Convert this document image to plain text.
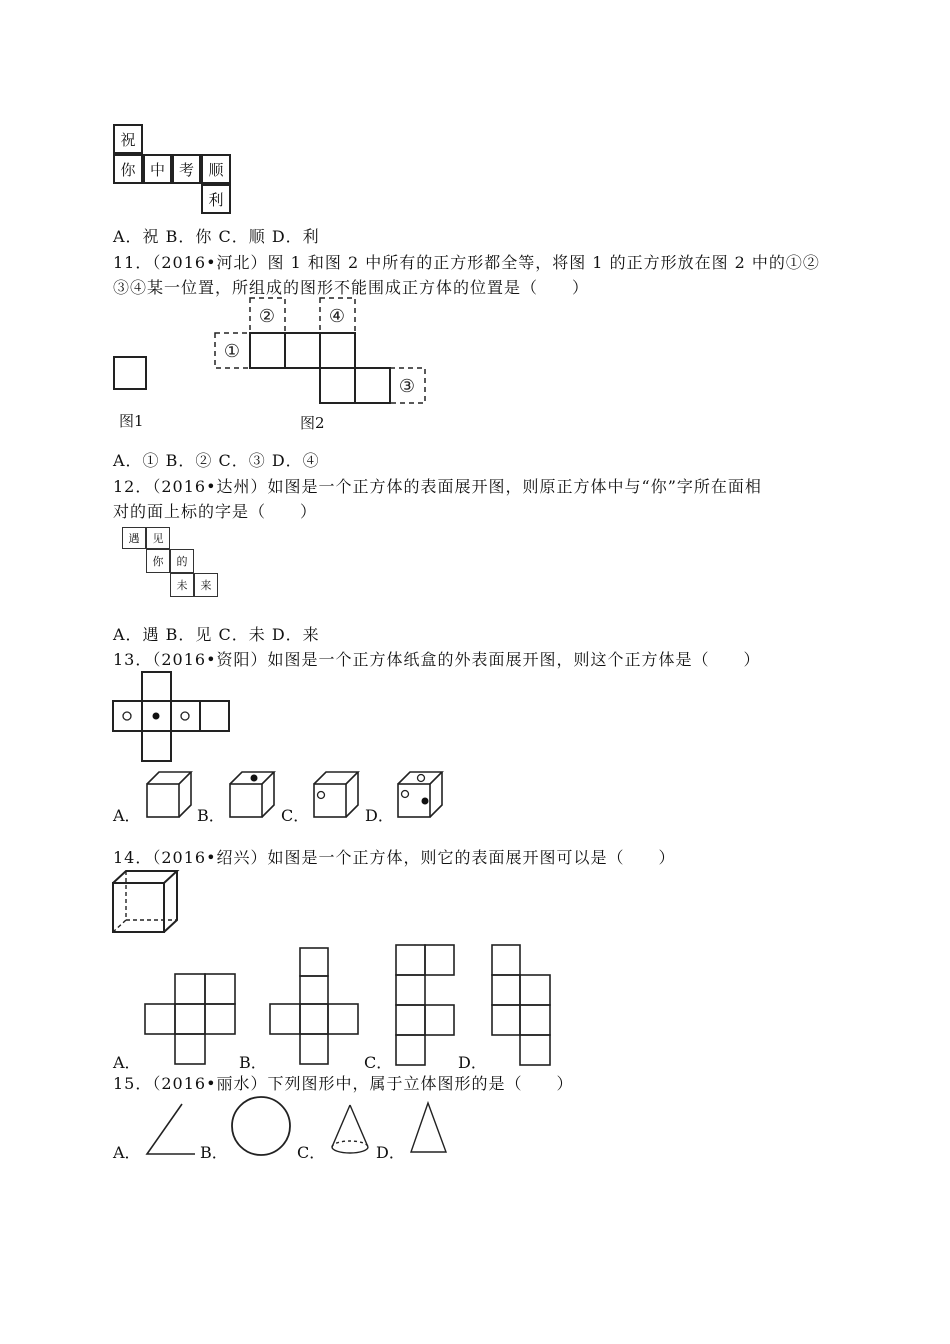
祝
你 中 考 顺
利
A．祝 B．你 C．顺 D．利
11．（2016•河北）图 1 和图 2 中所有的正方形都全等，将图 1 的正方形放在图 2 中的①②
③④某一位置，所组成的图形不能围成正方体的位置是（　　）
图1
①
②
③
④
图2
A．① B．② C．③ D．④
12．（2016•达州）如图是一个正方体的表面展开图，则原正方体中与“你”字所在面相
对的面上标的字是（　　）
遇	见
你	的
未	来
A．遇 B．见 C．未 D．来
13．（2016•资阳）如图是一个正方体纸盒的外表面展开图，则这个正方体是（　　）
A．	B．	C．	D．
14．（2016•绍兴）如图是一个正方体，则它的表面展开图可以是（　　）
A．	B．	C．	D．
15．（2016•丽水）下列图形中，属于立体图形的是（　　）
A．	B．	C．	D．
